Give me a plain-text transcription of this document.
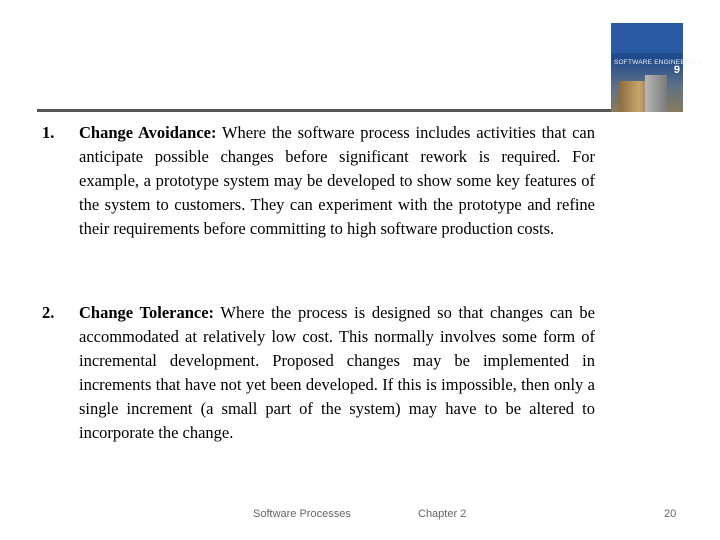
SOFTWARE ENGINEERING
9
1.	Change Avoidance: Where the software process includes activities that can anticipate possible changes before significant rework is required. For example, a prototype system may be developed to show some key features of the system to customers. They can experiment with the prototype and refine their requirements before committing to high software production costs.
2.	Change Tolerance: Where the process is designed so that changes can be accommodated at relatively low cost. This normally involves some form of incremental development. Proposed changes may be implemented in increments that have not yet been developed. If this is impossible, then only a single increment (a small part of the system) may have to be altered to incorporate the change.
Software Processes	Chapter 2	20
